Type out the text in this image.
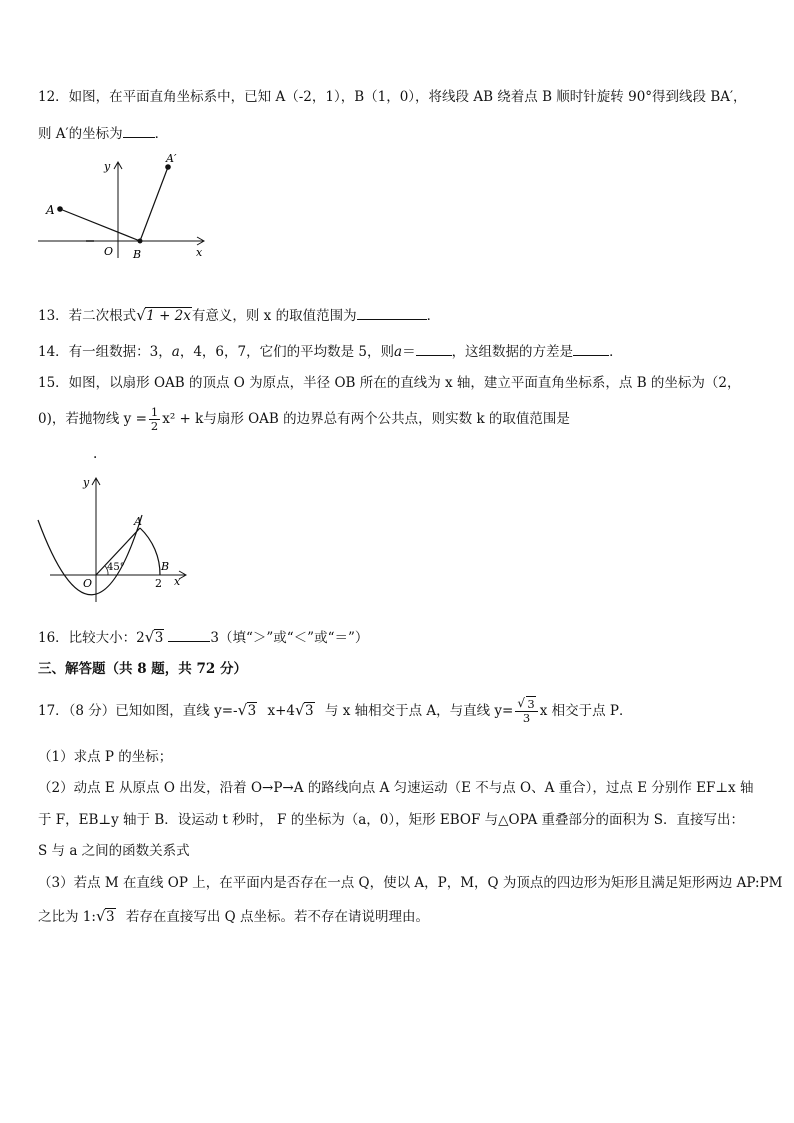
12．如图，在平面直角坐标系中，已知 A（-2，1），B（1，0），将线段 AB 绕着点 B 顺时针旋转 90°得到线段 BA′，
则 A′的坐标为 ．
A
A′
B
O	x
y
13．若二次根式 √ 1 + 2x有意义，则 x 的取值范围为	．
14．有一组数据：3，a，4，6，7，它们的平均数是 5，则a＝	，这组数据的方差是	．
15．如图，以扇形 OAB 的顶点 O 为原点，半径 OB 所在的直线为 x 轴，建立平面直角坐标系，点 B 的坐标为（2，
0)，若抛物线 $y = \frac{1}{2} x^2 + k$与扇形 OAB 的边界总有两个公共点，则实数 k 的取值范围是
.
y
A
45°
O
B
2 x
16．比较大小：2 √ 3	3（填“＞”或“＜”或“＝”）
三、解答题（共 8 题，共 72 分）
17．（8 分）已知如图，直线 y=- √ 3 x+4 √ 3 与 x 轴相交于点 A，与直线 $y= \frac{√ 3}{3}$ x 相交于点 P．
（1）求点 P 的坐标；
（2）动点 E 从原点 O 出发，沿着 O→P→A 的路线向点 A 匀速运动（E 不与点 O、A 重合），过点 E 分别作 EF⊥x 轴
于 F，EB⊥y 轴于 B．设运动 t 秒时， F 的坐标为（a，0），矩形 EBOF 与△OPA 重叠部分的面积为 S．直接写出：
S 与 a 之间的函数关系式
（3）若点 M 在直线 OP 上，在平面内是否存在一点 Q，使以 A，P，M，Q 为顶点的四边形为矩形且满足矩形两边 AP:PM
之比为 1: √ 3 若存在直接写出 Q 点坐标。若不存在请说明理由。
